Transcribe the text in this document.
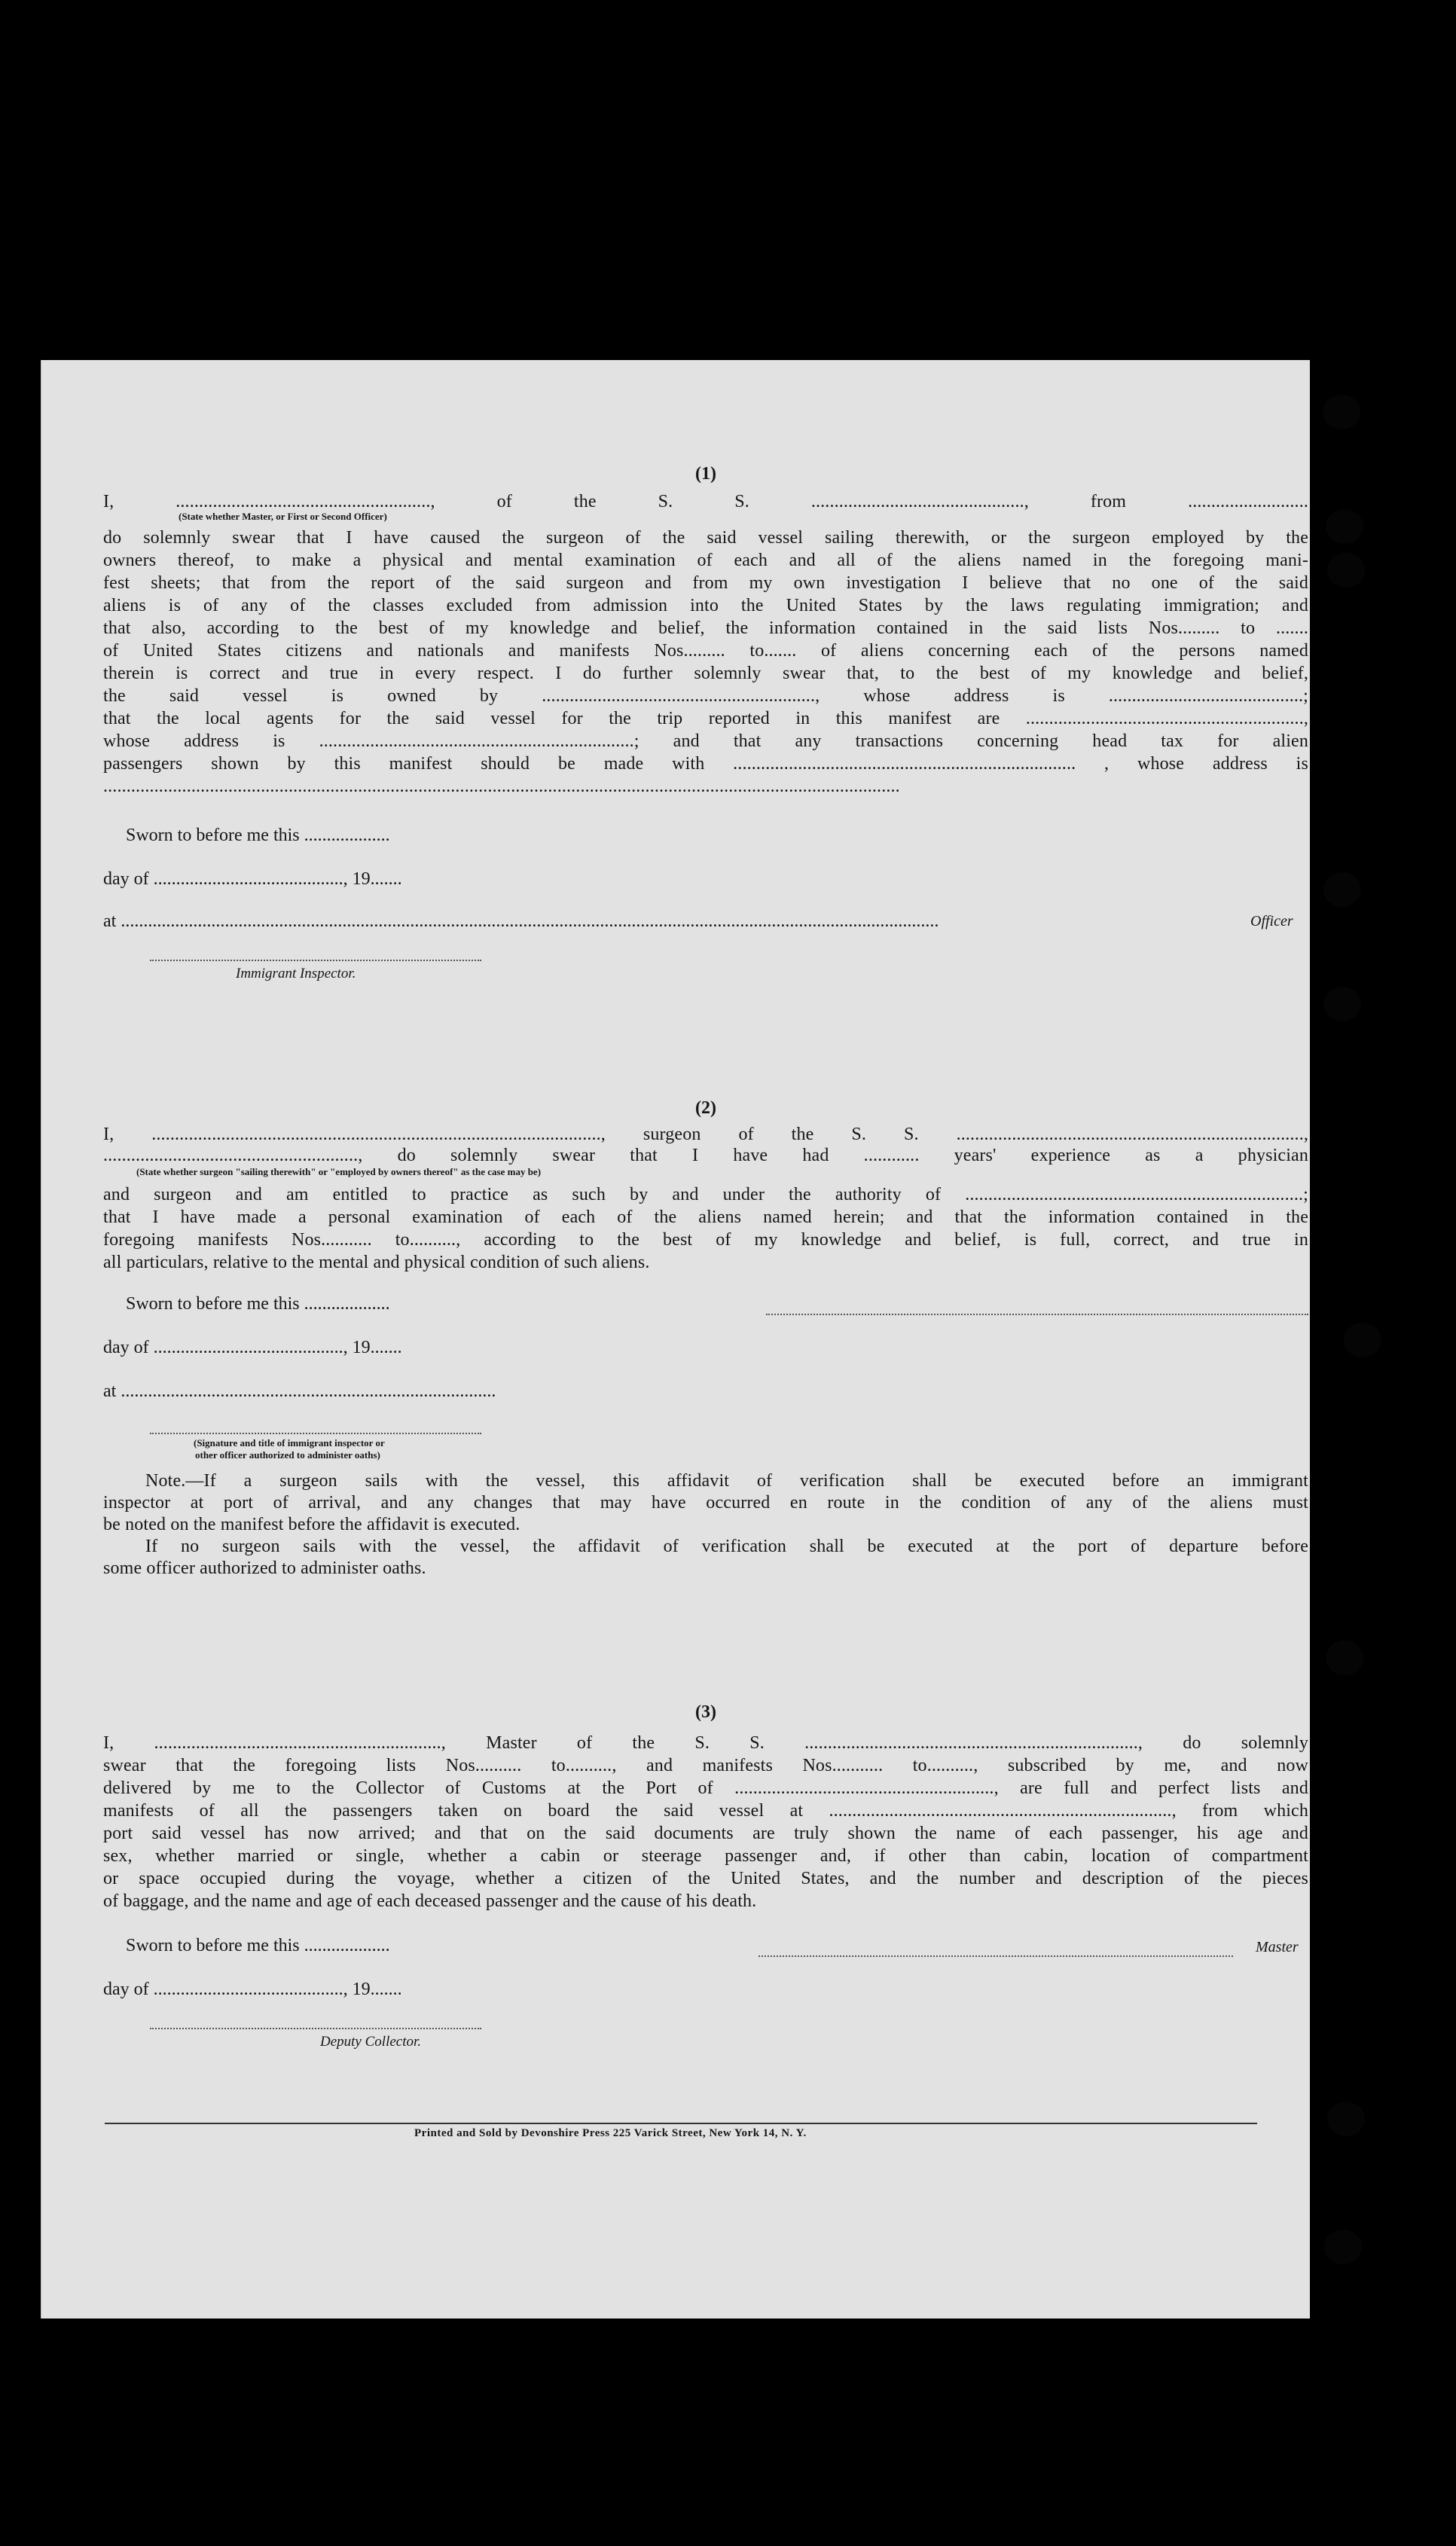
(1)
I, ......................................................., of the S. S. .............................................., from ..........................
(State whether Master, or First or Second Officer)
do solemnly swear that I have caused the surgeon of the said vessel sailing therewith, or the surgeon employed by the
owners thereof, to make a physical and mental examination of each and all of the aliens named in the foregoing mani-
fest sheets; that from the report of the said surgeon and from my own investigation I believe that no one of the said
aliens is of any of the classes excluded from admission into the United States by the laws regulating immigration; and
that also, according to the best of my knowledge and belief, the information contained in the said lists Nos......... to .......
of United States citizens and nationals and manifests Nos......... to....... of aliens concerning each of the persons named
therein is correct and true in every respect. I do further solemnly swear that, to the best of my knowledge and belief,
the said vessel is owned by ..........................................................., whose address is ..........................................;
that the local agents for the said vessel for the trip reported in this manifest are ............................................................,
whose address is ....................................................................; and that any transactions concerning head tax for alien
passengers shown by this manifest should be made with .......................................................................... , whose address is
............................................................................................................................................................................
Sworn to before me this ...................
day of .........................................., 19.......
at .....................................................................................................................................................................................	Officer
Immigrant Inspector.
(2)
I, ................................................................................................., surgeon of the S. S. ...........................................................................,
......................................................., do solemnly swear that I have had ............ years' experience as a physician
(State whether surgeon "sailing therewith" or "employed by owners thereof" as the case may be)
and surgeon and am entitled to practice as such by and under the authority of .........................................................................;
that I have made a personal examination of each of the aliens named herein; and that the information contained in the
foregoing manifests Nos........... to.........., according to the best of my knowledge and belief, is full, correct, and true in
all particulars, relative to the mental and physical condition of such aliens.
Sworn to before me this ...................
day of .........................................., 19.......
at ...................................................................................
(Signature and title of immigrant inspector or
other officer authorized to administer oaths)
Note.—If a surgeon sails with the vessel, this affidavit of verification shall be executed before an immigrant
inspector at port of arrival, and any changes that may have occurred en route in the condition of any of the aliens must
be noted on the manifest before the affidavit is executed.
If no surgeon sails with the vessel, the affidavit of verification shall be executed at the port of departure before
some officer authorized to administer oaths.
(3)
I, .............................................................., Master of the S. S. ........................................................................, do solemnly
swear that the foregoing lists Nos.......... to.........., and manifests Nos........... to.........., subscribed by me, and now
delivered by me to the Collector of Customs at the Port of ........................................................, are full and perfect lists and
manifests of all the passengers taken on board the said vessel at .........................................................................., from which
port said vessel has now arrived; and that on the said documents are truly shown the name of each passenger, his age and
sex, whether married or single, whether a cabin or steerage passenger and, if other than cabin, location of compartment
or space occupied during the voyage, whether a citizen of the United States, and the number and description of the pieces
of baggage, and the name and age of each deceased passenger and the cause of his death.
Sworn to before me this ...................	Master
day of .........................................., 19.......
Deputy Collector.
Printed and Sold by Devonshire Press 225 Varick Street, New York 14, N. Y.
